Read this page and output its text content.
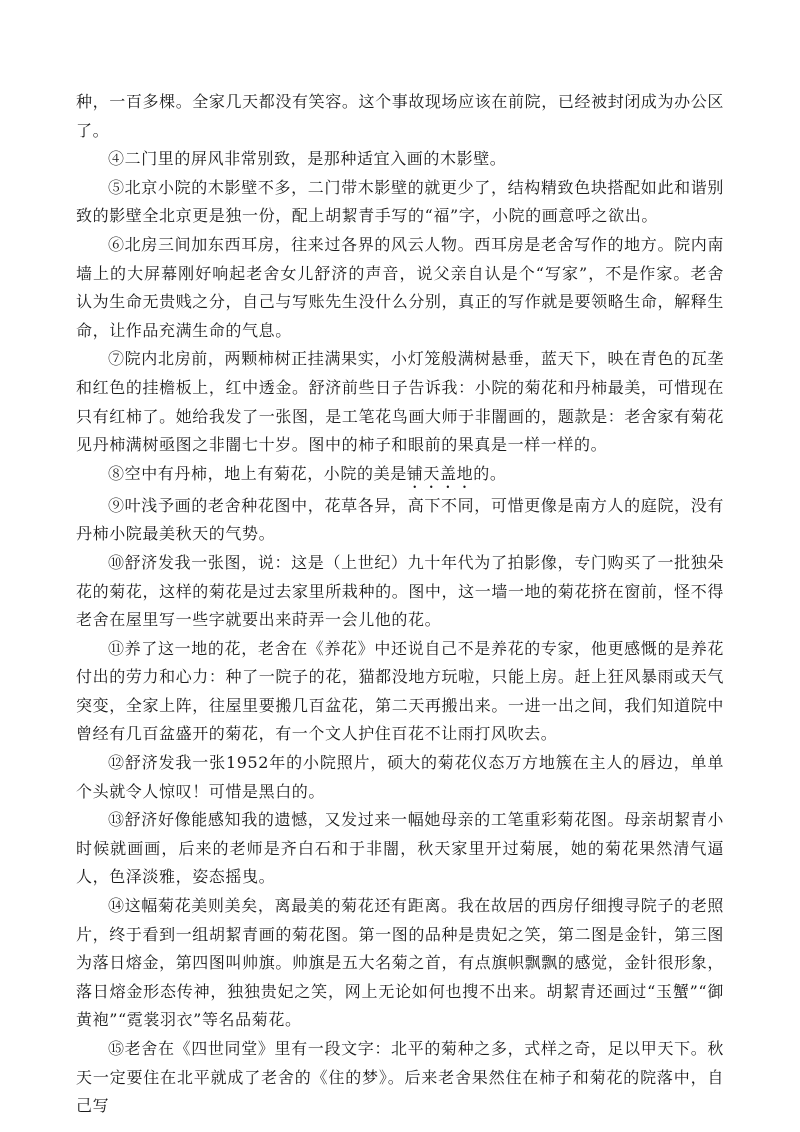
种，一百多棵。全家几天都没有笑容。这个事故现场应该在前院，已经被封闭成为办公区了。

④二门里的屏风非常别致，是那种适宜入画的木影壁。

⑤北京小院的木影壁不多，二门带木影壁的就更少了，结构精致色块搭配如此和谐别致的影壁全北京更是独一份，配上胡絜青手写的“福”字，小院的画意呼之欲出。

⑥北房三间加东西耳房，往来过各界的风云人物。西耳房是老舍写作的地方。院内南墙上的大屏幕刚好响起老舍女儿舒济的声音，说父亲自认是个“写家”，不是作家。老舍认为生命无贵贱之分，自己与写账先生没什么分别，真正的写作就是要领略生命，解释生命，让作品充满生命的气息。

⑦院内北房前，两颗柿树正挂满果实，小灯笼般满树悬垂，蓝天下，映在青色的瓦垄和红色的挂檐板上，红中透金。舒济前些日子告诉我：小院的菊花和丹柿最美，可惜现在只有红柿了。她给我发了一张图，是工笔花鸟画大师于非闇画的，题款是：老舍家有菊花见丹柿满树亟图之非闇七十岁。图中的柿子和眼前的果真是一样一样的。

⑧空中有丹柿，地上有菊花，小院的美是铺天盖地的。

⑨叶浅予画的老舍种花图中，花草各异，高下不同，可惜更像是南方人的庭院，没有丹柿小院最美秋天的气势。

⑩舒济发我一张图，说：这是（上世纪）九十年代为了拍影像，专门购买了一批独朵花的菊花，这样的菊花是过去家里所栽种的。图中，这一墙一地的菊花挤在窗前，怪不得老舍在屋里写一些字就要出来莳弄一会儿他的花。

⑪养了这一地的花，老舍在《养花》中还说自己不是养花的专家，他更感慨的是养花付出的劳力和心力：种了一院子的花，猫都没地方玩啦，只能上房。赶上狂风暴雨或天气突变，全家上阵，往屋里要搬几百盆花，第二天再搬出来。一进一出之间，我们知道院中曾经有几百盆盛开的菊花，有一个文人护住百花不让雨打风吹去。

⑫舒济发我一张1952年的小院照片，硕大的菊花仪态万方地簇在主人的唇边，单单个头就令人惊叹！可惜是黑白的。

⑬舒济好像能感知我的遗憾，又发过来一幅她母亲的工笔重彩菊花图。母亲胡絜青小时候就画画，后来的老师是齐白石和于非闇，秋天家里开过菊展，她的菊花果然清气逼人，色泽淡雅，姿态摇曳。

⑭这幅菊花美则美矣，离最美的菊花还有距离。我在故居的西房仔细搜寻院子的老照片，终于看到一组胡絜青画的菊花图。第一图的品种是贵妃之笑，第二图是金针，第三图为落日熔金，第四图叫帅旗。帅旗是五大名菊之首，有点旗帜飘飘的感觉，金针很形象，落日熔金形态传神，独独贵妃之笑，网上无论如何也搜不出来。胡絜青还画过“玉蟹”“御黄袍”“霓裳羽衣”等名品菊花。

⑮老舍在《四世同堂》里有一段文字：北平的菊种之多，式样之奇，足以甲天下。秋天一定要住在北平就成了老舍的《住的梦》。后来老舍果然住在柿子和菊花的院落中，自己写
